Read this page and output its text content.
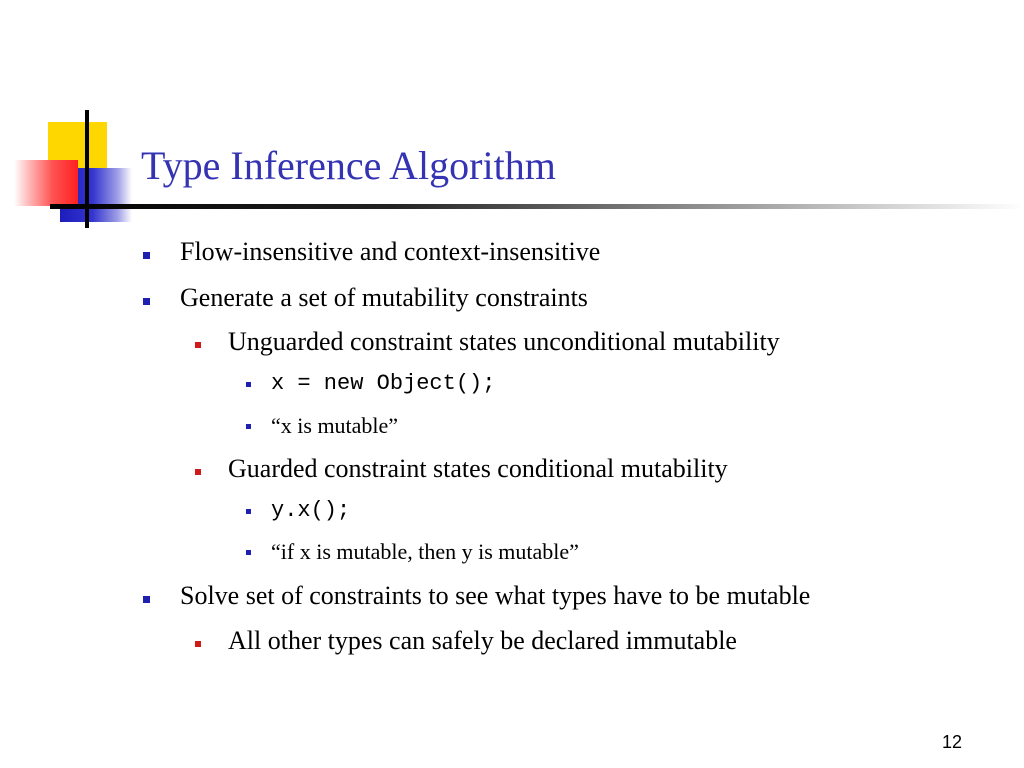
Type Inference Algorithm
Flow-insensitive and context-insensitive
Generate a set of mutability constraints
Unguarded constraint states unconditional mutability
x = new Object();
“x is mutable”
Guarded constraint states conditional mutability
y.x();
“if x is mutable, then y is mutable”
Solve set of constraints to see what types have to be mutable
All other types can safely be declared immutable
12
